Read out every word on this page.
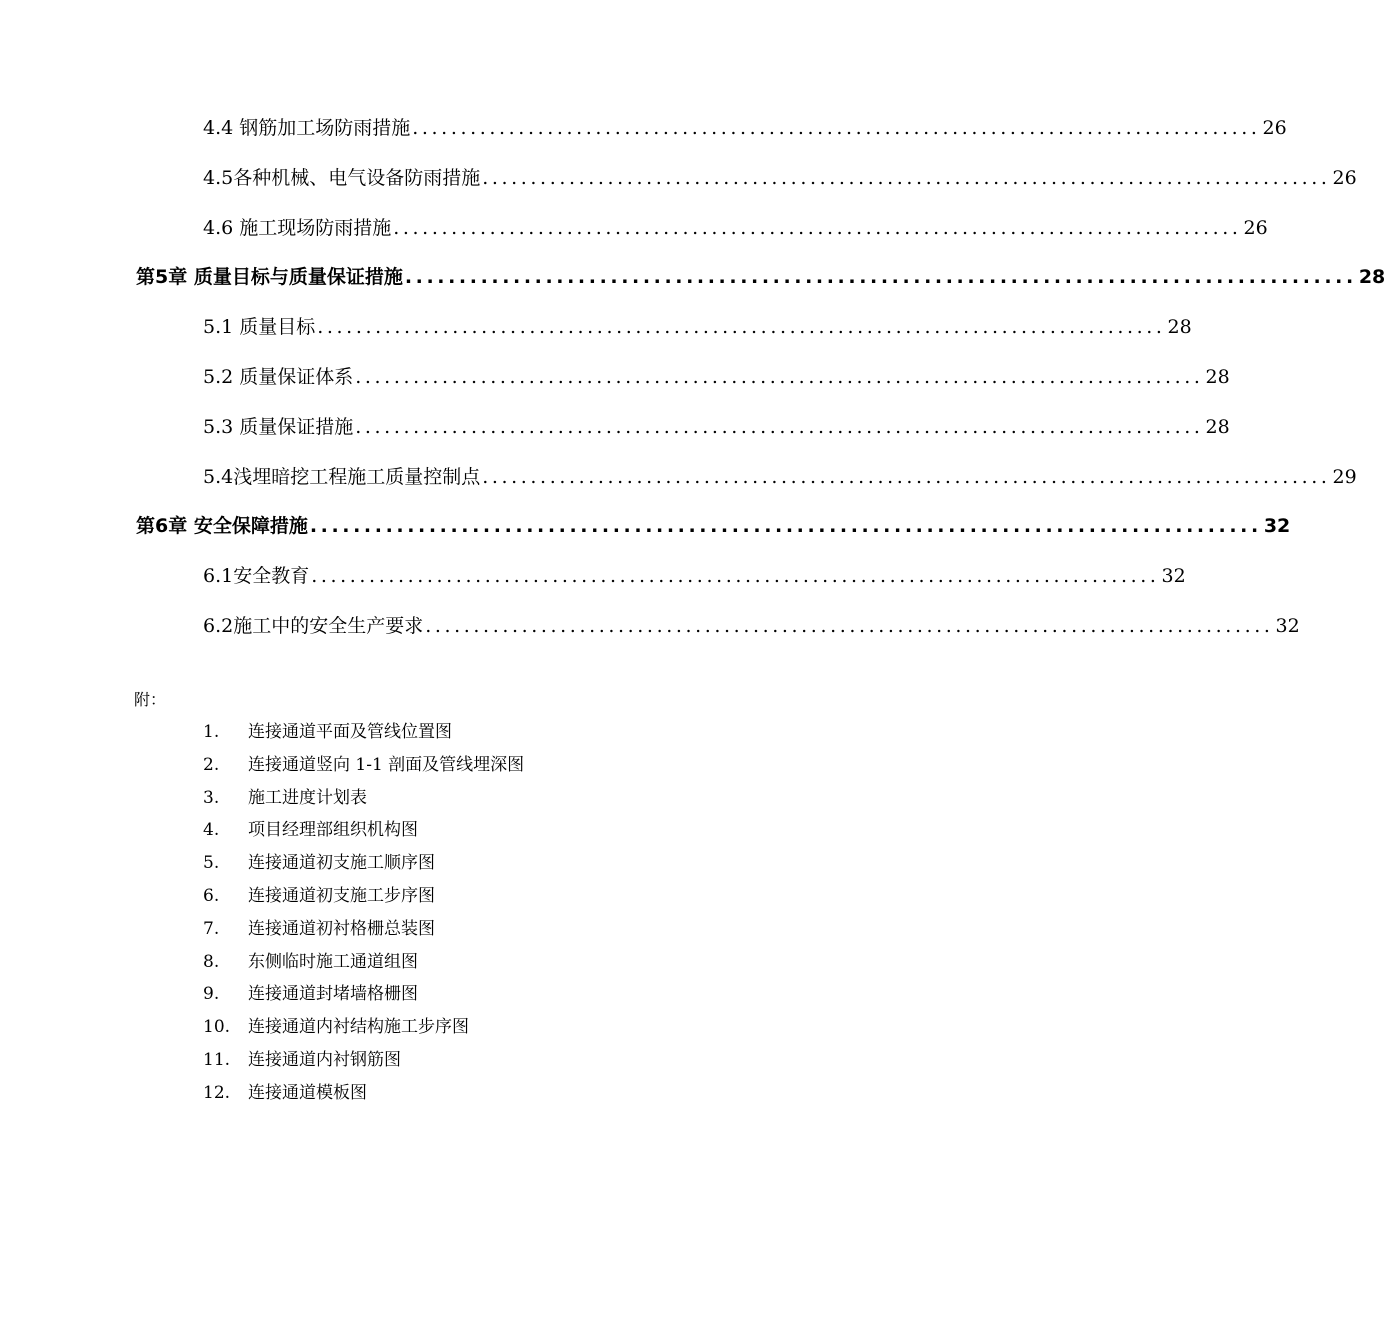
4.4 钢筋加工场防雨措施 ........................................................................................ 26
4.5各种机械、电气设备防雨措施 ........................................................................................ 26
4.6 施工现场防雨措施 ........................................................................................ 26
第5章 质量目标与质量保证措施 ........................................................................................ 28
5.1 质量目标 ........................................................................................ 28
5.2 质量保证体系 ........................................................................................ 28
5.3 质量保证措施 ........................................................................................ 28
5.4浅埋暗挖工程施工质量控制点 ........................................................................................ 29
第6章 安全保障措施 ........................................................................................ 32
6.1安全教育 ........................................................................................ 32
6.2施工中的安全生产要求 ........................................................................................ 32
附：
1.	连接通道平面及管线位置图
2.	连接通道竖向 1-1 剖面及管线埋深图
3.	施工进度计划表
4.	项目经理部组织机构图
5.	连接通道初支施工顺序图
6.	连接通道初支施工步序图
7.	连接通道初衬格栅总装图
8.	东侧临时施工通道组图
9.	连接通道封堵墙格栅图
10.	连接通道内衬结构施工步序图
11.	连接通道内衬钢筋图
12.	连接通道模板图
